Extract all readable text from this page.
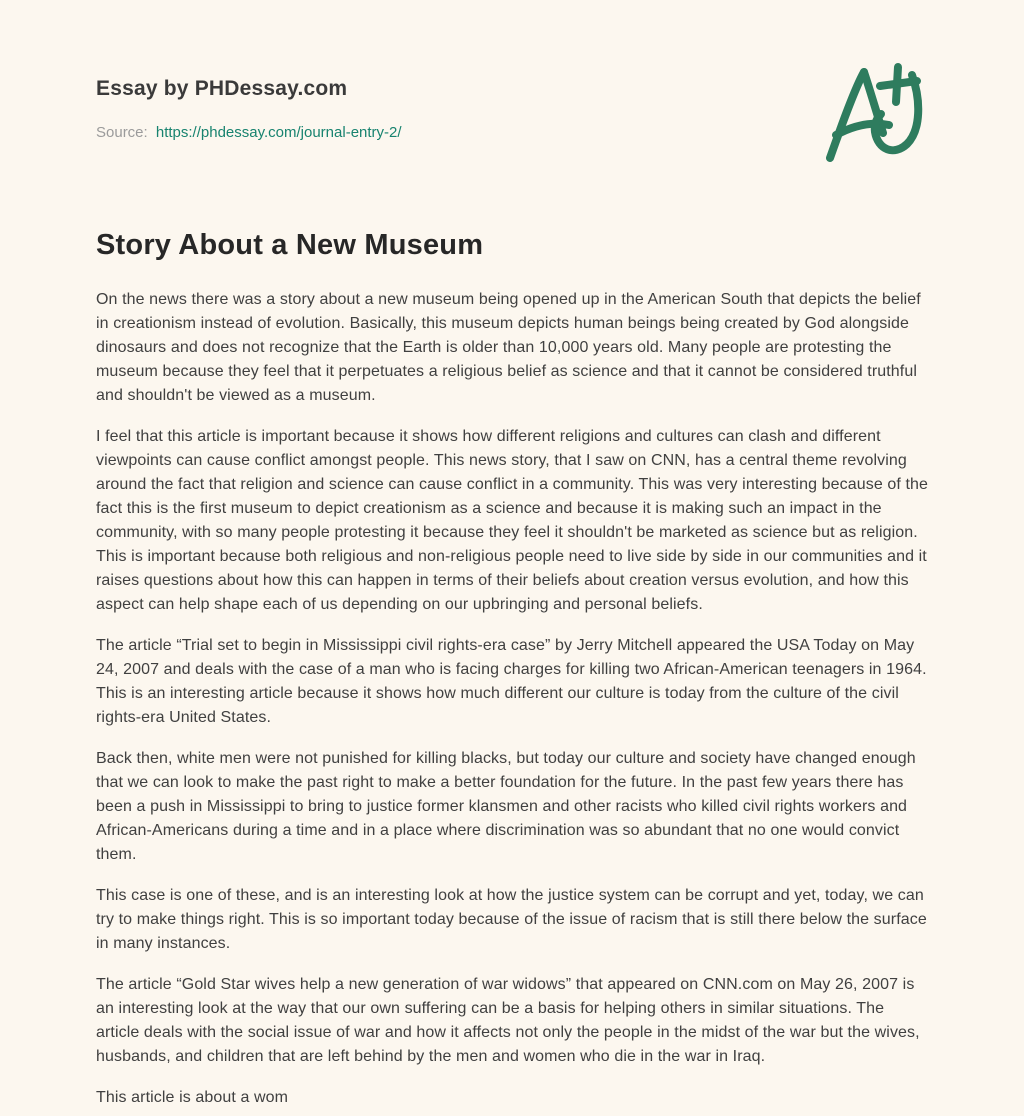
Essay by PHDessay.com
Source: https://phdessay.com/journal-entry-2/
Story About a New Museum

On the news there was a story about a new museum being opened up in the American South that depicts the belief in creationism instead of evolution. Basically, this museum depicts human beings being created by God alongside dinosaurs and does not recognize that the Earth is older than 10,000 years old. Many people are protesting the museum because they feel that it perpetuates a religious belief as science and that it cannot be considered truthful and shouldn't be viewed as a museum.

I feel that this article is important because it shows how different religions and cultures can clash and different viewpoints can cause conflict amongst people. This news story, that I saw on CNN, has a central theme revolving around the fact that religion and science can cause conflict in a community. This was very interesting because of the fact this is the first museum to depict creationism as a science and because it is making such an impact in the community, with so many people protesting it because they feel it shouldn't be marketed as science but as religion. This is important because both religious and non-religious people need to live side by side in our communities and it raises questions about how this can happen in terms of their beliefs about creation versus evolution, and how this aspect can help shape each of us depending on our upbringing and personal beliefs.

The article “Trial set to begin in Mississippi civil rights-era case” by Jerry Mitchell appeared the USA Today on May 24, 2007 and deals with the case of a man who is facing charges for killing two African-American teenagers in 1964. This is an interesting article because it shows how much different our culture is today from the culture of the civil rights-era United States.

Back then, white men were not punished for killing blacks, but today our culture and society have changed enough that we can look to make the past right to make a better foundation for the future. In the past few years there has been a push in Mississippi to bring to justice former klansmen and other racists who killed civil rights workers and African-Americans during a time and in a place where discrimination was so abundant that no one would convict them.

This case is one of these, and is an interesting look at how the justice system can be corrupt and yet, today, we can try to make things right. This is so important today because of the issue of racism that is still there below the surface in many instances.

The article “Gold Star wives help a new generation of war widows” that appeared on CNN.com on May 26, 2007 is an interesting look at the way that our own suffering can be a basis for helping others in similar situations. The article deals with the social issue of war and how it affects not only the people in the midst of the war but the wives, husbands, and children that are left behind by the men and women who die in the war in Iraq.

This article is about a wom
